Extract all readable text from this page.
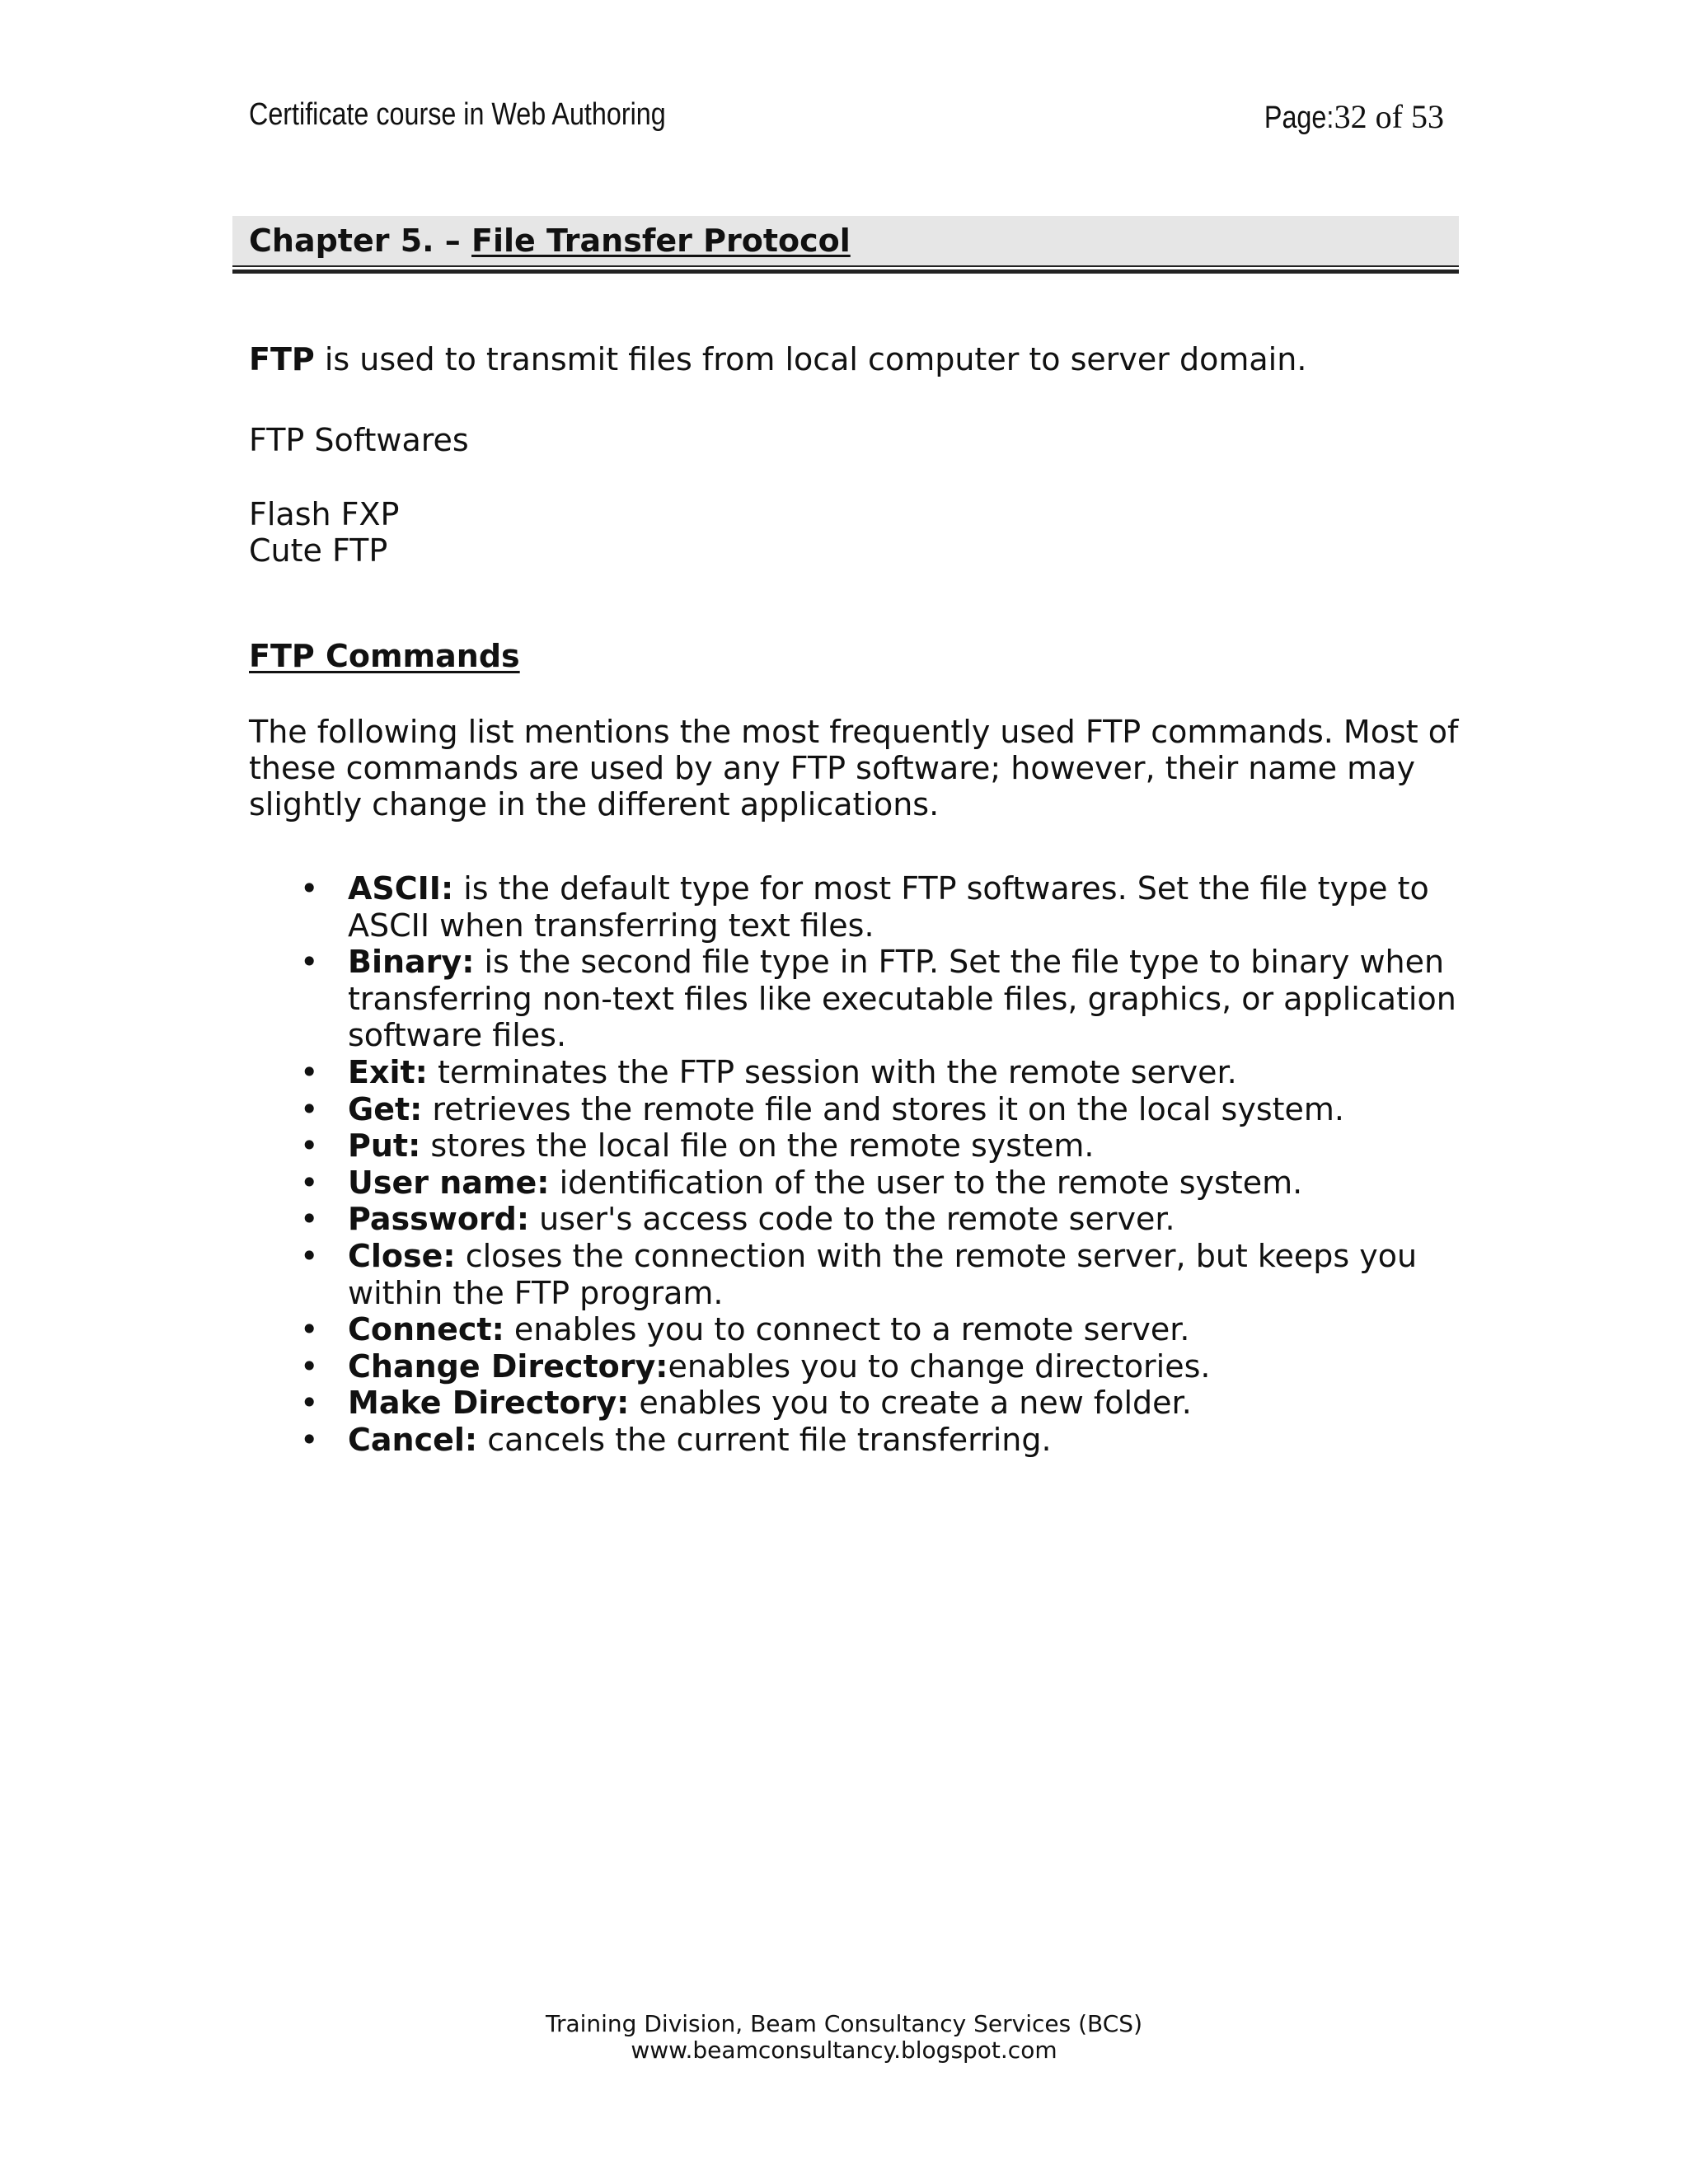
Certificate course in Web Authoring	Page:32 of 53
Chapter 5. – File Transfer Protocol
FTP is used to transmit files from local computer to server domain.
FTP Softwares
Flash FXP
Cute FTP
FTP Commands
The following list mentions the most frequently used FTP commands. Most of
these commands are used by any FTP software; however, their name may
slightly change in the different applications.
• ASCII: is the default type for most FTP softwares. Set the file type to ASCII when transferring text files.
• Binary: is the second file type in FTP. Set the file type to binary when transferring non-text files like executable files, graphics, or application software files.
• Exit: terminates the FTP session with the remote server.
• Get: retrieves the remote file and stores it on the local system.
• Put: stores the local file on the remote system.
• User name: identification of the user to the remote system.
• Password: user's access code to the remote server.
• Close: closes the connection with the remote server, but keeps you within the FTP program.
• Connect: enables you to connect to a remote server.
• Change Directory:enables you to change directories.
• Make Directory: enables you to create a new folder.
• Cancel: cancels the current file transferring.
Training Division, Beam Consultancy Services (BCS)
www.beamconsultancy.blogspot.com
